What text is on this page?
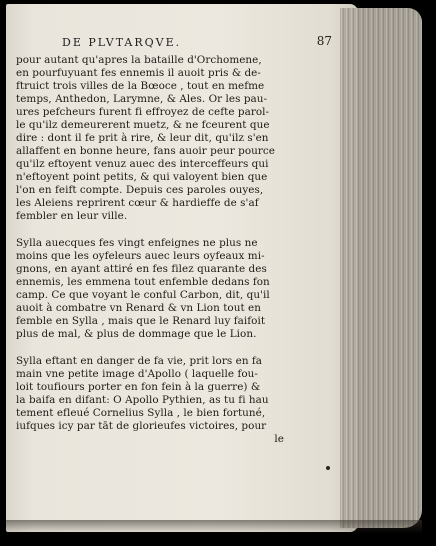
DE PLVTARQVE.	87
pour autant qu'apres la bataille d'Orchomene,
en pourfuyuant fes ennemis il auoit pris & de-
ftruict trois villes de la Bœoce , tout en mefme
temps, Anthedon, Larymne, & Ales. Or les pau-
ures pefcheurs furent fi effroyez de cefte parol-
le qu'ilz demeurerent muetz, & ne fceurent que
dire : dont il fe prit à rire, & leur dit, qu'ilz s'en
allaffent en bonne heure, fans auoir peur pource
qu'ilz eftoyent venuz auec des interceffeurs qui
n'eftoyent point petits, & qui valoyent bien que
l'on en feift compte. Depuis ces paroles ouyes,
les Aleiens reprirent cœur & hardieffe de s'af
fembler en leur ville.
Sylla auecques fes vingt enfeignes ne plus ne
moins que les oyfeleurs auec leurs oyfeaux mi-
gnons, en ayant attiré en fes filez quarante des
ennemis, les emmena tout enfemble dedans fon
camp. Ce que voyant le conful Carbon, dit, qu'il
auoit à combatre vn Renard & vn Lion tout en
femble en Sylla , mais que le Renard luy faifoit
plus de mal, & plus de dommage que le Lion.
Sylla eftant en danger de fa vie, prit lors en fa
main vne petite image d'Apollo ( laquelle fou-
loit toufiours porter en fon fein à la guerre) &
la baifa en difant: O Apollo Pythien, as tu fi hau
tement efleué Cornelius Sylla , le bien fortuné,
iufques icy par tāt de glorieufes victoires, pour
le
